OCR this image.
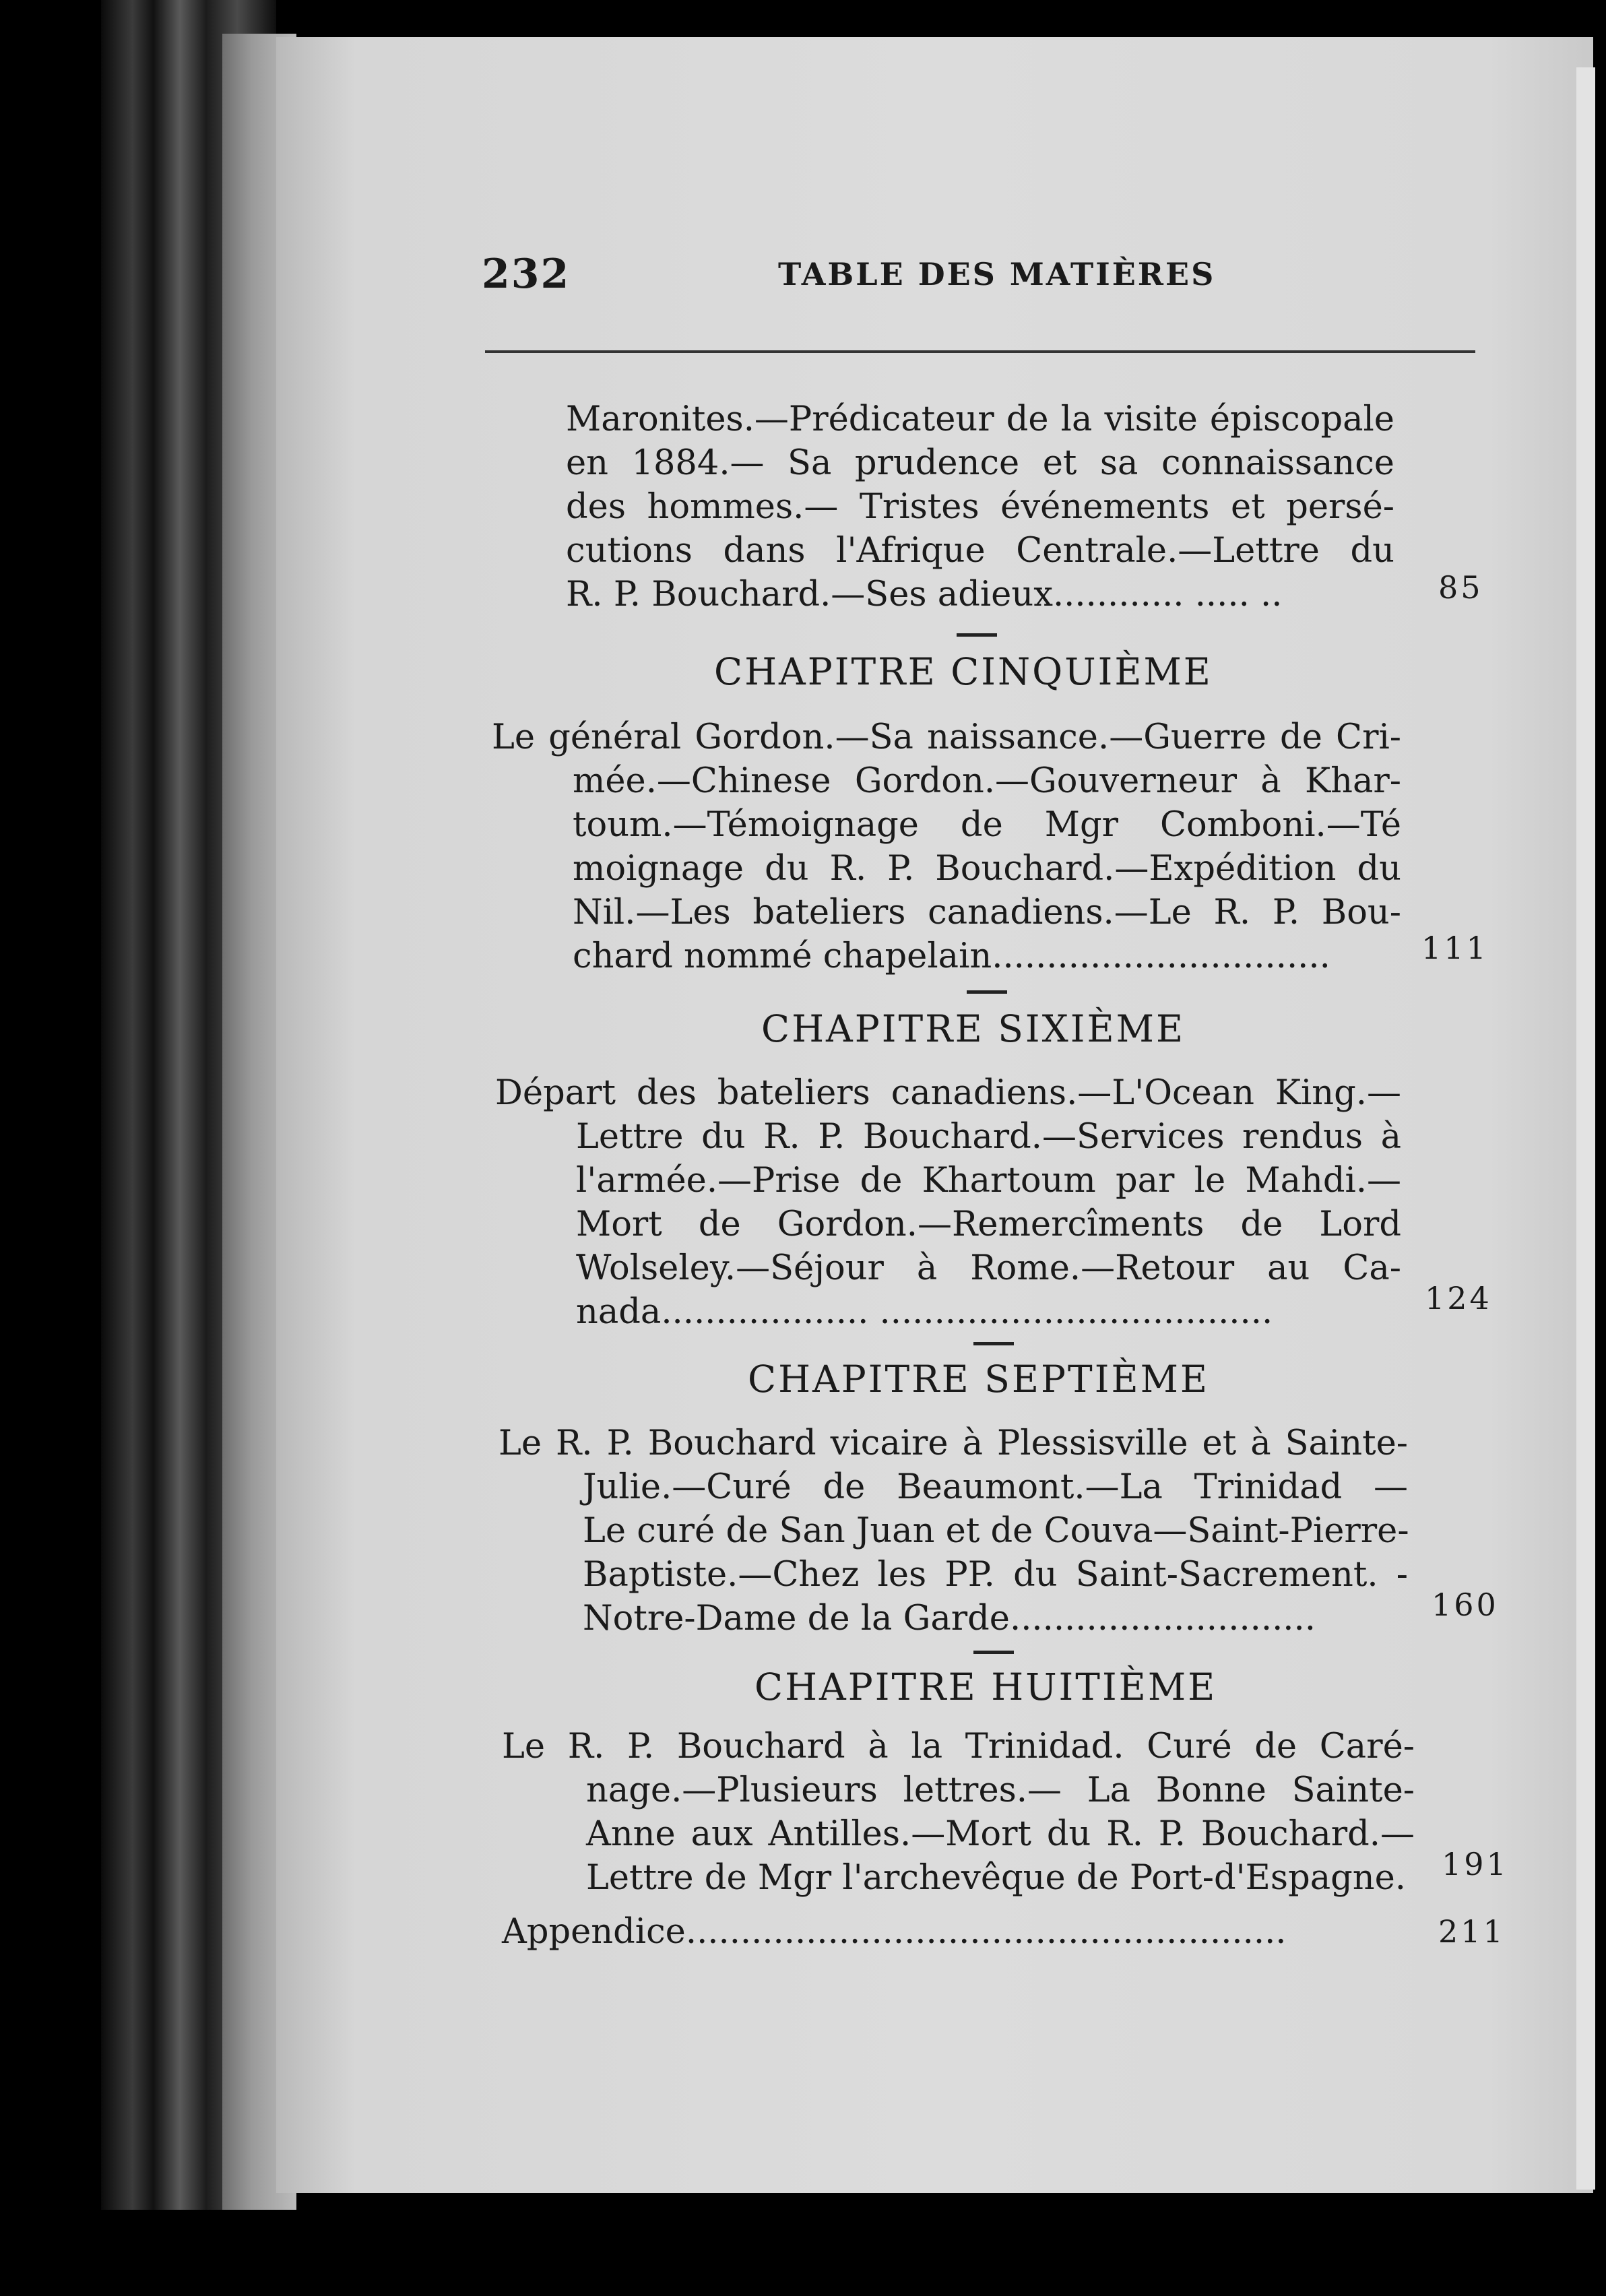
232	TABLE DES MATIÈRES
Maronites.—Prédicateur de la visite épiscopale
en 1884.— Sa prudence et sa connaissance
des hommes.— Tristes événements et persé-
cutions dans l'Afrique Centrale.—Lettre du
R. P. Bouchard.—Ses adieux............ ..... ..	85
CHAPITRE CINQUIÈME
Le général Gordon.—Sa naissance.—Guerre de Cri-
mée.—Chinese Gordon.—Gouverneur à Khar-
toum.—Témoignage de Mgr Comboni.—Té
moignage du R. P. Bouchard.—Expédition du
Nil.—Les bateliers canadiens.—Le R. P. Bou-
chard nommé chapelain...............................	111
CHAPITRE SIXIÈME
Départ des bateliers canadiens.—L'Ocean King.—
Lettre du R. P. Bouchard.—Services rendus à
l'armée.—Prise de Khartoum par le Mahdi.—
Mort de Gordon.—Remercîments de Lord
Wolseley.—Séjour à Rome.—Retour au Ca-
nada................... ....................................	124
CHAPITRE SEPTIÈME
Le R. P. Bouchard vicaire à Plessisville et à Sainte-
Julie.—Curé de Beaumont.—La Trinidad —
Le curé de San Juan et de Couva—Saint-Pierre-
Baptiste.—Chez les PP. du Saint-Sacrement. -
Notre-Dame de la Garde............................	160
CHAPITRE HUITIÈME
Le R. P. Bouchard à la Trinidad. Curé de Caré-
nage.—Plusieurs lettres.— La Bonne Sainte-
Anne aux Antilles.—Mort du R. P. Bouchard.—
Lettre de Mgr l'archevêque de Port-d'Espagne. 191
Appendice.......................................................	211
